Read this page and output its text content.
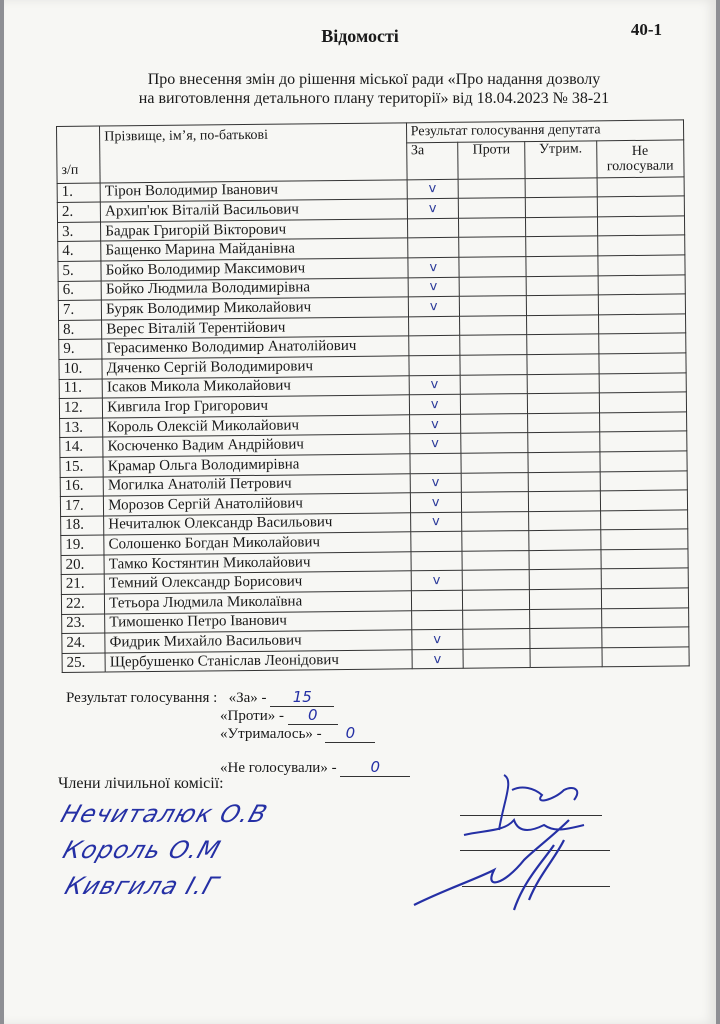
Відомості	40-1
Про внесення змін до рішення міської ради «Про надання дозволу
на виготовлення детального плану території» від 18.04.2023 № 38-21
з/п	Прізвище, ім’я, по-батькові	Результат голосування депутата			
		За	Проти	Утрим.	Не голосували
1.	Тірон Володимир Іванович	v			
2.	Архип'юк Віталій Васильович	v			
3.	Бадрак Григорій Вікторович				
4.	Бащенко Марина Майданівна				
5.	Бойко Володимир Максимович	v			
6.	Бойко Людмила Володимирівна	v			
7.	Буряк Володимир Миколайович	v			
8.	Верес Віталій Терентійович				
9.	Герасименко Володимир Анатолійович				
10.	Дяченко Сергій Володимирович				
11.	Ісаков Микола Миколайович	v			
12.	Кивгила Ігор Григорович	v			
13.	Король Олексій Миколайович	v			
14.	Косюченко Вадим Андрійович	v			
15.	Крамар Ольга Володимирівна				
16.	Могилка Анатолій Петрович	v			
17.	Морозов Сергій Анатолійович	v			
18.	Нечиталюк Олександр Васильович	v			
19.	Солошенко Богдан Миколайович				
20.	Тамко Костянтин Миколайович				
21.	Темний Олександр Борисович	v			
22.	Тетьора Людмила Миколаївна				
23.	Тимошенко Петро Іванович				
24.	Фидрик Михайло Васильович	v			
25.	Щербушенко Станіслав Леонідович	v			
Результат голосування : «За» - 15
«Проти» - 0
«Утрималось» - 0
«Не голосували» - 0
Члени лічильної комісії:
Нечиталюк О.В
Король О.М
Кивгила І.Г
